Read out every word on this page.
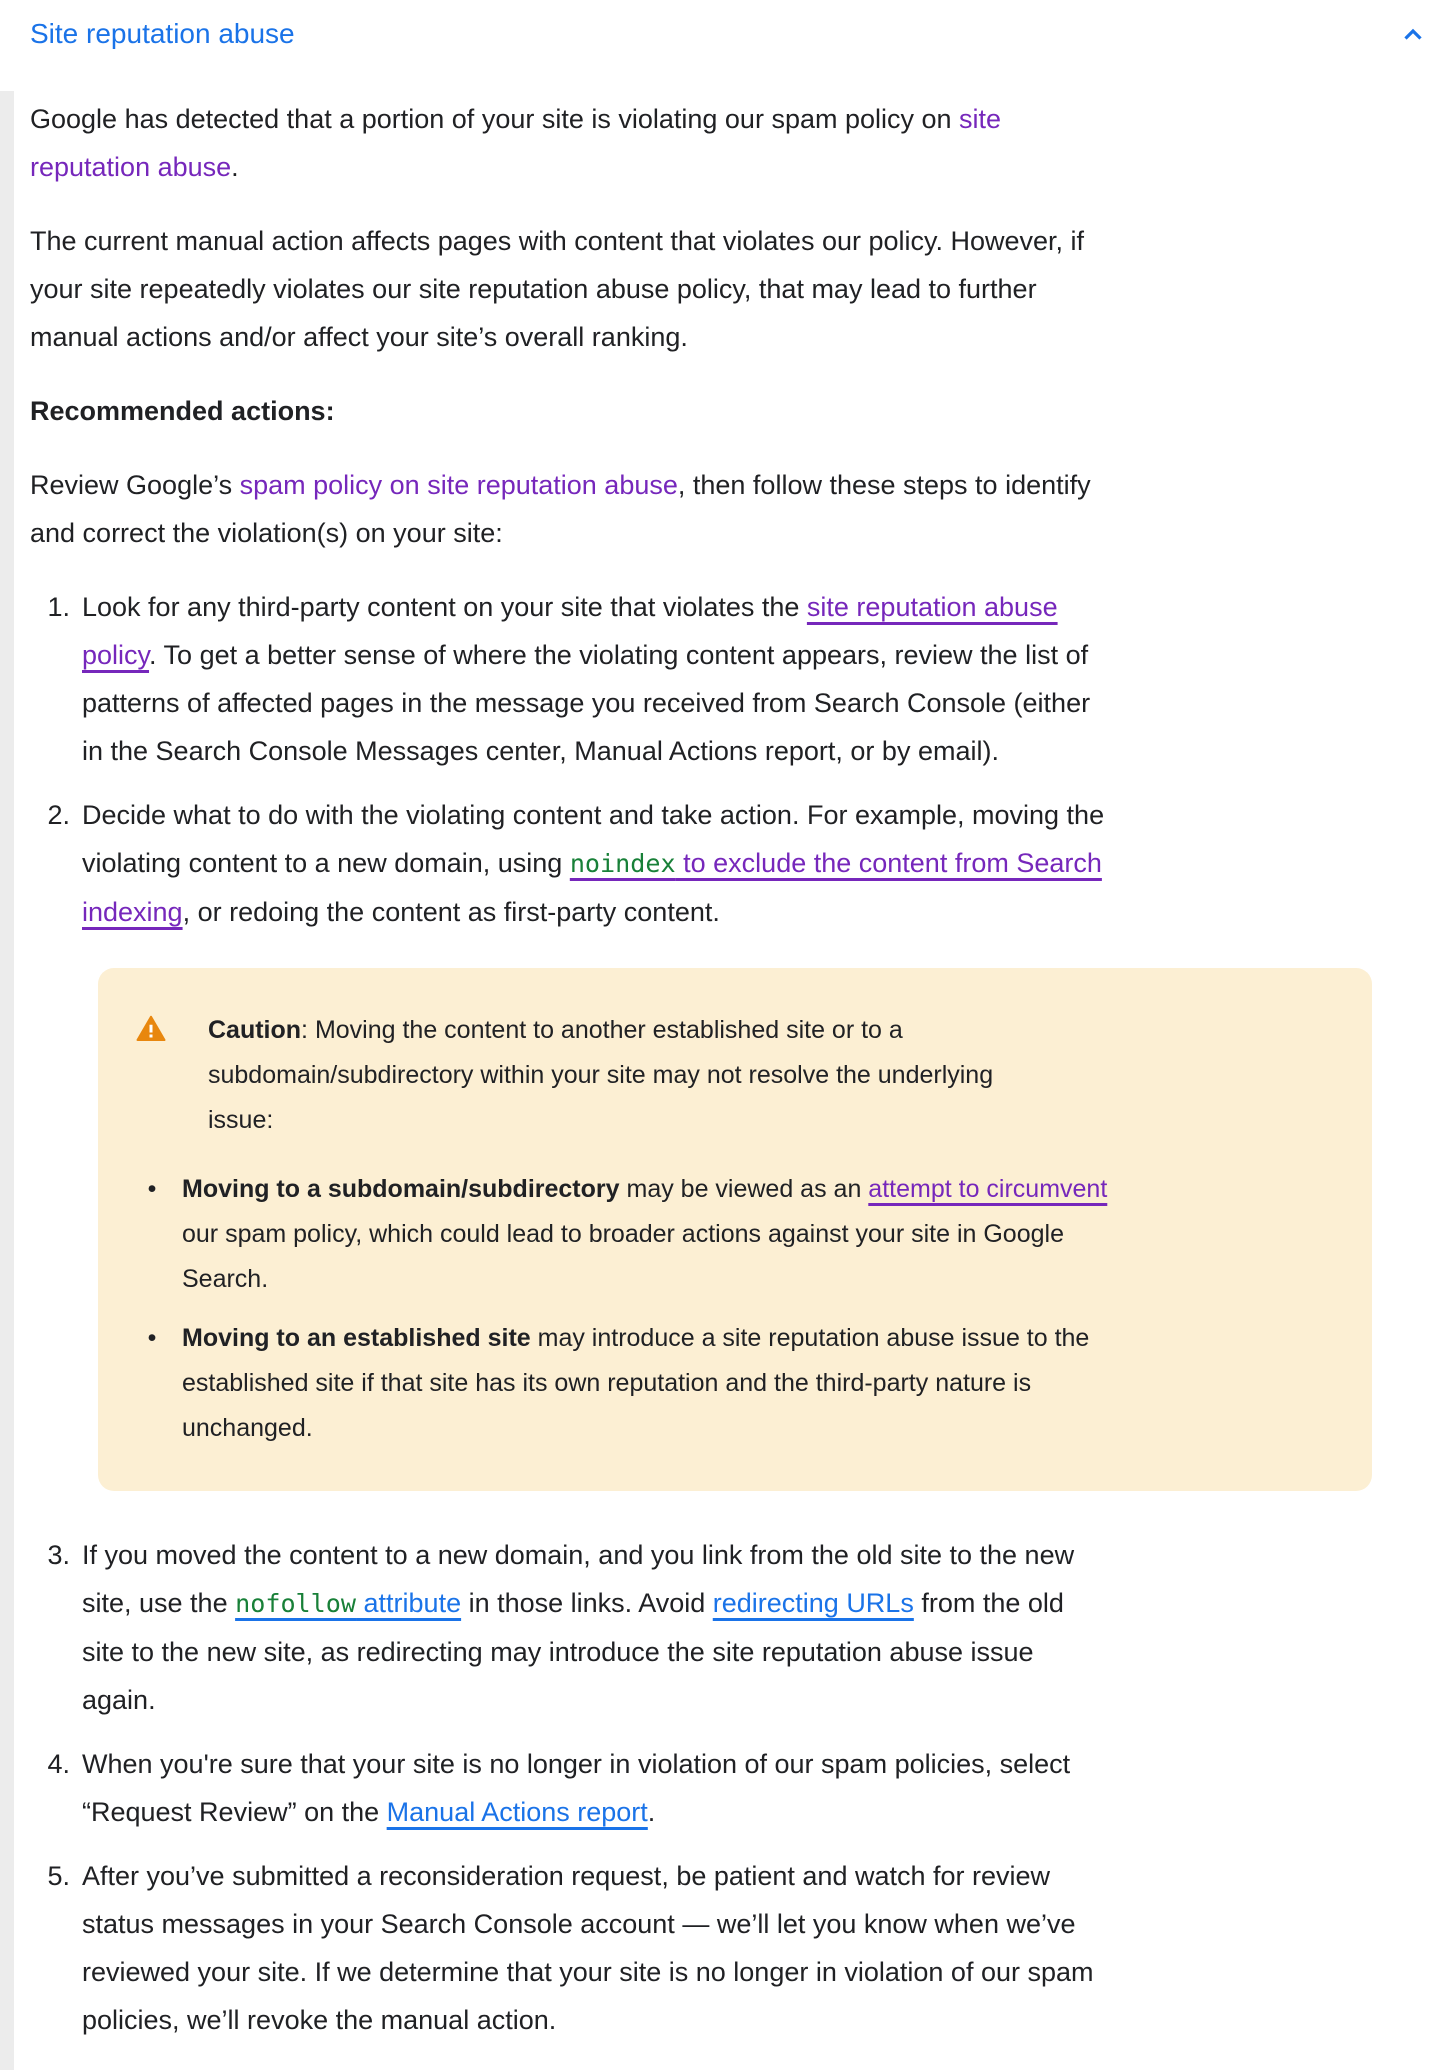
Site reputation abuse

Google has detected that a portion of your site is violating our spam policy on site reputation abuse.

The current manual action affects pages with content that violates our policy. However, if your site repeatedly violates our site reputation abuse policy, that may lead to further manual actions and/or affect your site’s overall ranking.

Recommended actions:

Review Google’s spam policy on site reputation abuse, then follow these steps to identify and correct the violation(s) on your site:

1. Look for any third-party content on your site that violates the site reputation abuse policy. To get a better sense of where the violating content appears, review the list of patterns of affected pages in the message you received from Search Console (either in the Search Console Messages center, Manual Actions report, or by email).
2. Decide what to do with the violating content and take action. For example, moving the violating content to a new domain, using noindex to exclude the content from Search indexing, or redoing the content as first-party content.
Caution: Moving the content to another established site or to a subdomain/subdirectory within your site may not resolve the underlying issue:
• Moving to a subdomain/subdirectory may be viewed as an attempt to circumvent our spam policy, which could lead to broader actions against your site in Google Search.
• Moving to an established site may introduce a site reputation abuse issue to the established site if that site has its own reputation and the third-party nature is unchanged.
3. If you moved the content to a new domain, and you link from the old site to the new site, use the nofollow attribute in those links. Avoid redirecting URLs from the old site to the new site, as redirecting may introduce the site reputation abuse issue again.
4. When you're sure that your site is no longer in violation of our spam policies, select “Request Review” on the Manual Actions report.
5. After you’ve submitted a reconsideration request, be patient and watch for review status messages in your Search Console account — we’ll let you know when we’ve reviewed your site. If we determine that your site is no longer in violation of our spam policies, we’ll revoke the manual action.
